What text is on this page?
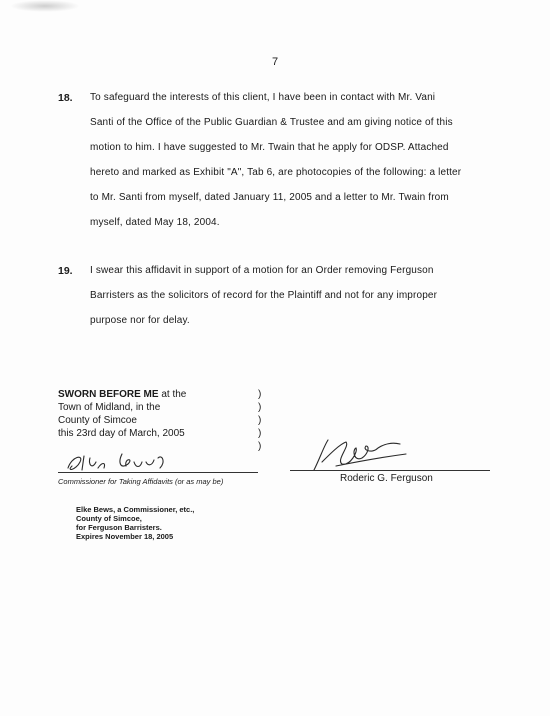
7
18. To safeguard the interests of this client, I have been in contact with Mr. Vani
Santi of the Office of the Public Guardian & Trustee and am giving notice of this
motion to him. I have suggested to Mr. Twain that he apply for ODSP. Attached
hereto and marked as Exhibit "A", Tab 6, are photocopies of the following: a letter
to Mr. Santi from myself, dated January 11, 2005 and a letter to Mr. Twain from
myself, dated May 18, 2004.
19. I swear this affidavit in support of a motion for an Order removing Ferguson
Barristers as the solicitors of record for the Plaintiff and not for any improper
purpose nor for delay.
SWORN BEFORE ME at the
Town of Midland, in the
County of Simcoe
this 23rd day of March, 2005
)
)
)
)
)
Commissioner for Taking Affidavits (or as may be)	Roderic G. Ferguson
Elke Bews, a Commissioner, etc.,
County of Simcoe,
for Ferguson Barristers.
Expires November 18, 2005
